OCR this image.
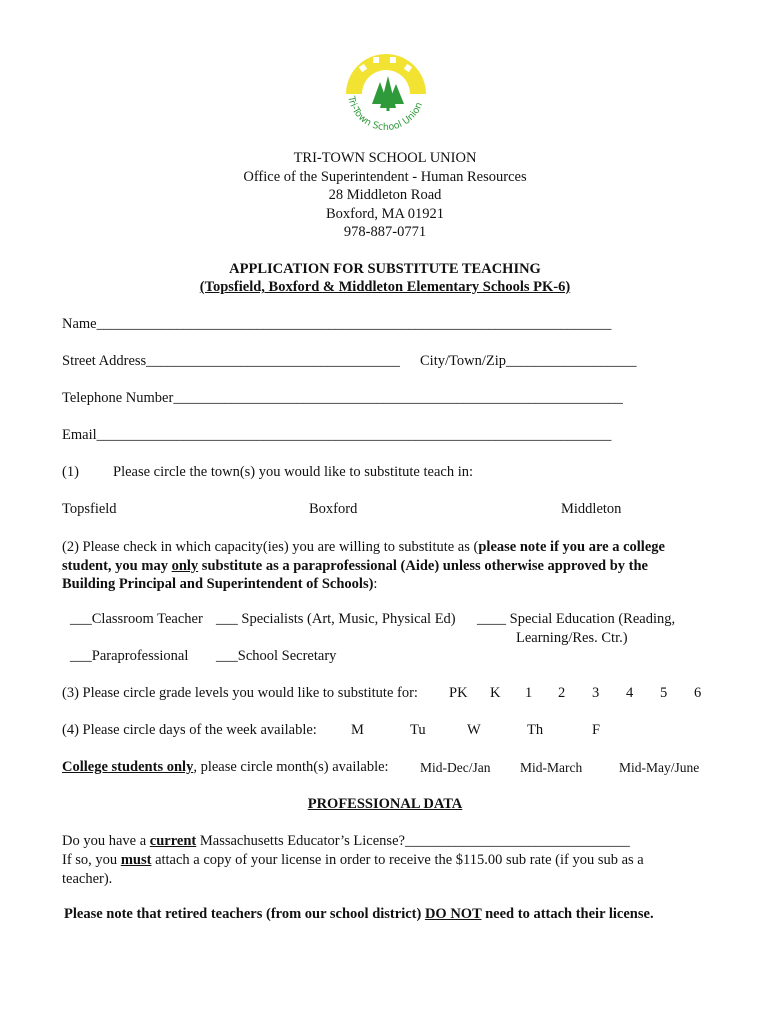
Tri-Town School Union
TRI-TOWN SCHOOL UNION
Office of the Superintendent - Human Resources
28 Middleton Road
Boxford, MA 01921
978-887-0771
APPLICATION FOR SUBSTITUTE TEACHING
(Topsfield, Boxford & Middleton Elementary Schools PK-6)
Name_______________________________________________________________________
Street Address___________________________________ City/Town/Zip__________________
Telephone Number______________________________________________________________
Email_______________________________________________________________________
(1) Please circle the town(s) you would like to substitute teach in:
Topsfield	Boxford	Middleton
(2) Please check in which capacity(ies) you are willing to substitute as (please note if you are a college student, you may only substitute as a paraprofessional (Aide) unless otherwise approved by the Building Principal and Superintendent of Schools):
___Classroom Teacher ___ Specialists (Art, Music, Physical Ed) ____ Special Education (Reading,
Learning/Res. Ctr.)
___Paraprofessional ___School Secretary
(3) Please circle grade levels you would like to substitute for: PK K 1 2 3 4 5 6
(4) Please circle days of the week available: M	Tu	W	Th	F
College students only, please circle month(s) available: Mid-Dec/Jan Mid-March	Mid-May/June
PROFESSIONAL DATA
Do you have a current Massachusetts Educator’s License?_______________________________
If so, you must attach a copy of your license in order to receive the $115.00 sub rate (if you sub as a teacher).
Please note that retired teachers (from our school district) DO NOT need to attach their license.
